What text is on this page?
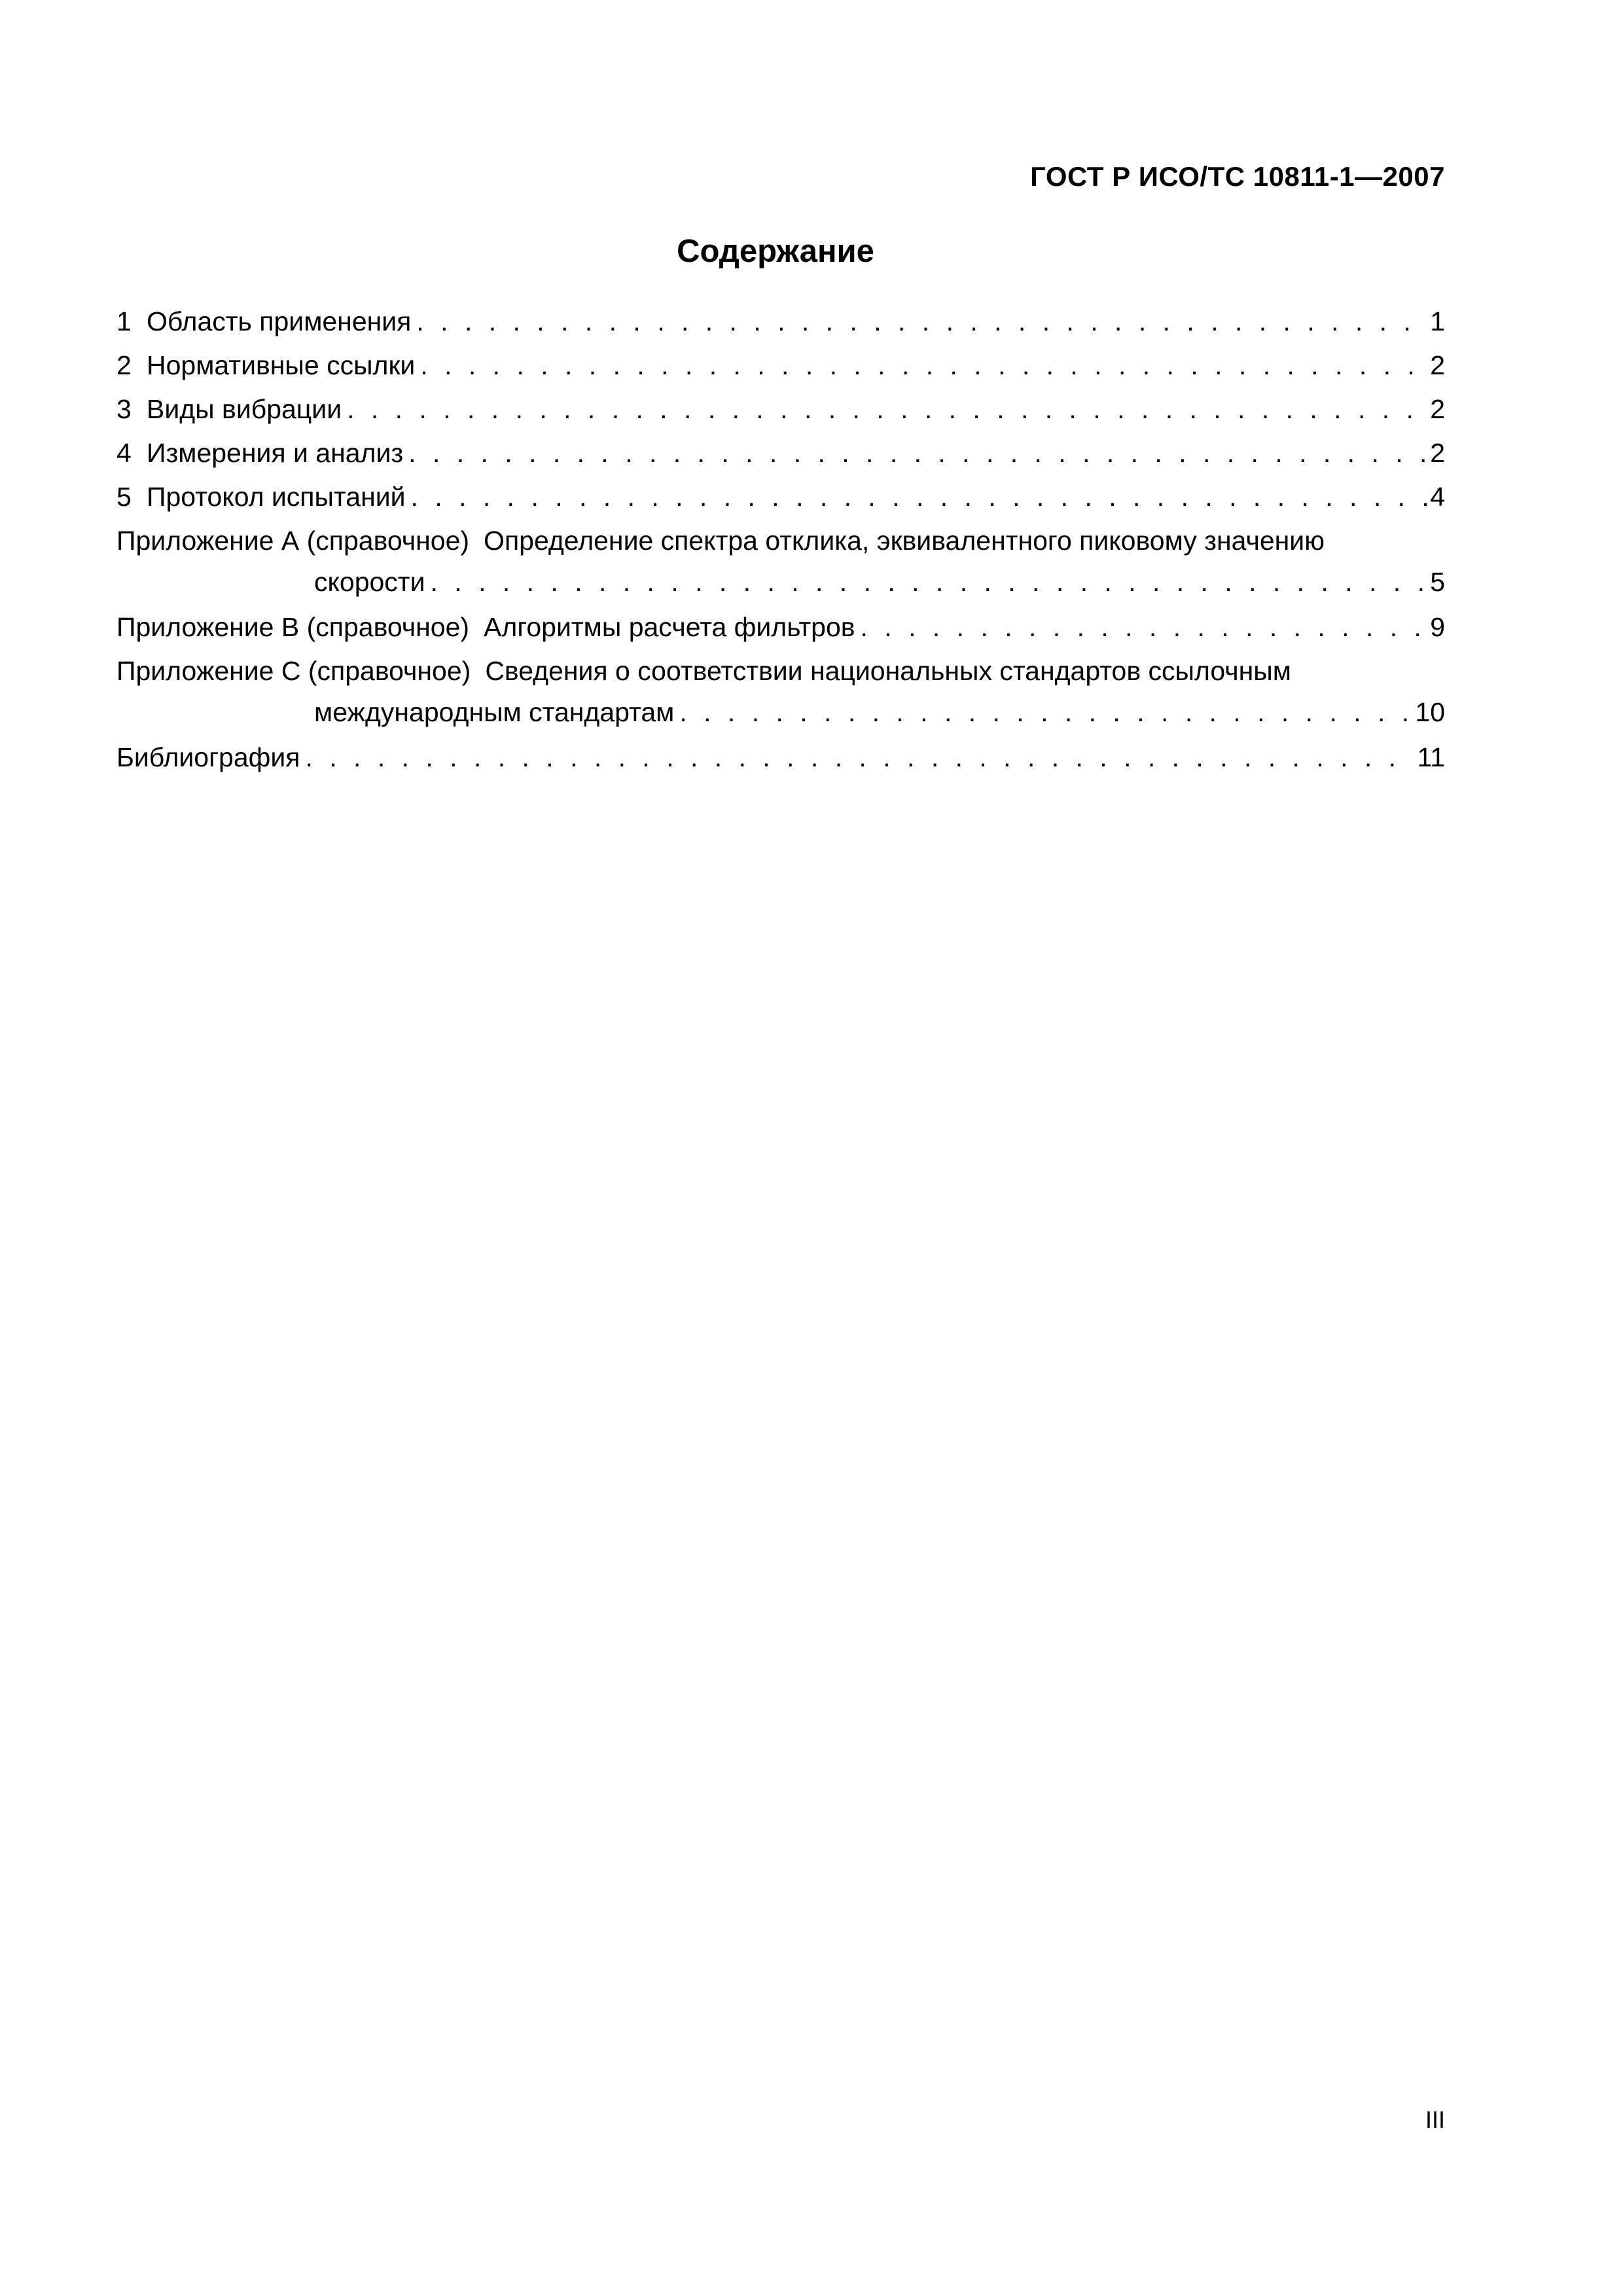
ГОСТ Р ИСО/ТС 10811-1—2007
Содержание
1 Область применения . . .	1
2 Нормативные ссылки . . .	2
3 Виды вибрации . . .	2
4 Измерения и анализ . . .	2
5 Протокол испытаний . . .	4
Приложение А (справочное) Определение спектра отклика, эквивалентного пиковому значению
скорости . . .	5
Приложение В (справочное) Алгоритмы расчета фильтров . . .	9
Приложение С (справочное) Сведения о соответствии национальных стандартов ссылочным
международным стандартам . . .	10
Библиография . . .	11
III
